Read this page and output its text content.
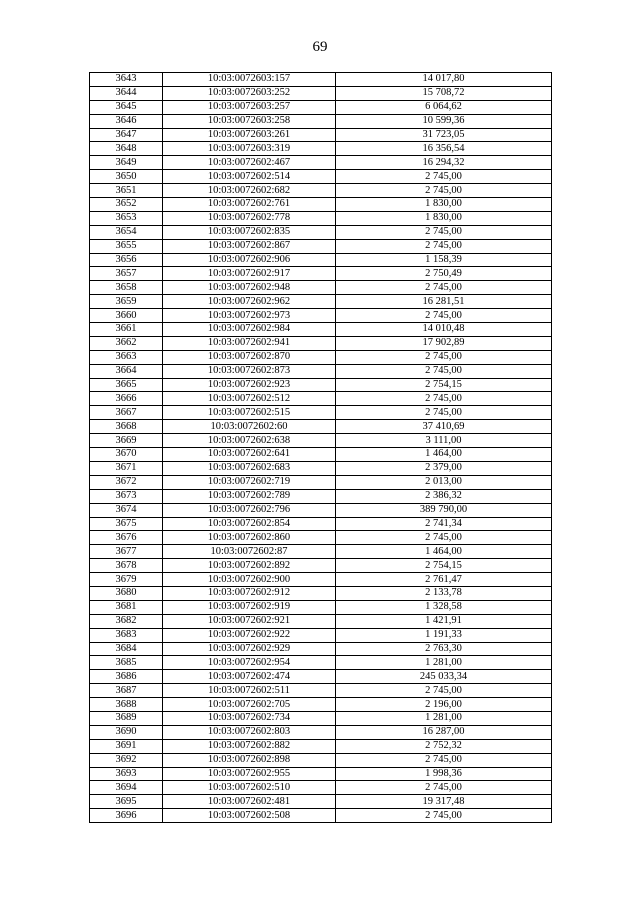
69
3643	10:03:0072603:157	14 017,80
3644	10:03:0072603:252	15 708,72
3645	10:03:0072603:257	6 064,62
3646	10:03:0072603:258	10 599,36
3647	10:03:0072603:261	31 723,05
3648	10:03:0072603:319	16 356,54
3649	10:03:0072602:467	16 294,32
3650	10:03:0072602:514	2 745,00
3651	10:03:0072602:682	2 745,00
3652	10:03:0072602:761	1 830,00
3653	10:03:0072602:778	1 830,00
3654	10:03:0072602:835	2 745,00
3655	10:03:0072602:867	2 745,00
3656	10:03:0072602:906	1 158,39
3657	10:03:0072602:917	2 750,49
3658	10:03:0072602:948	2 745,00
3659	10:03:0072602:962	16 281,51
3660	10:03:0072602:973	2 745,00
3661	10:03:0072602:984	14 010,48
3662	10:03:0072602:941	17 902,89
3663	10:03:0072602:870	2 745,00
3664	10:03:0072602:873	2 745,00
3665	10:03:0072602:923	2 754,15
3666	10:03:0072602:512	2 745,00
3667	10:03:0072602:515	2 745,00
3668	10:03:0072602:60	37 410,69
3669	10:03:0072602:638	3 111,00
3670	10:03:0072602:641	1 464,00
3671	10:03:0072602:683	2 379,00
3672	10:03:0072602:719	2 013,00
3673	10:03:0072602:789	2 386,32
3674	10:03:0072602:796	389 790,00
3675	10:03:0072602:854	2 741,34
3676	10:03:0072602:860	2 745,00
3677	10:03:0072602:87	1 464,00
3678	10:03:0072602:892	2 754,15
3679	10:03:0072602:900	2 761,47
3680	10:03:0072602:912	2 133,78
3681	10:03:0072602:919	1 328,58
3682	10:03:0072602:921	1 421,91
3683	10:03:0072602:922	1 191,33
3684	10:03:0072602:929	2 763,30
3685	10:03:0072602:954	1 281,00
3686	10:03:0072602:474	245 033,34
3687	10:03:0072602:511	2 745,00
3688	10:03:0072602:705	2 196,00
3689	10:03:0072602:734	1 281,00
3690	10:03:0072602:803	16 287,00
3691	10:03:0072602:882	2 752,32
3692	10:03:0072602:898	2 745,00
3693	10:03:0072602:955	1 998,36
3694	10:03:0072602:510	2 745,00
3695	10:03:0072602:481	19 317,48
3696	10:03:0072602:508	2 745,00
